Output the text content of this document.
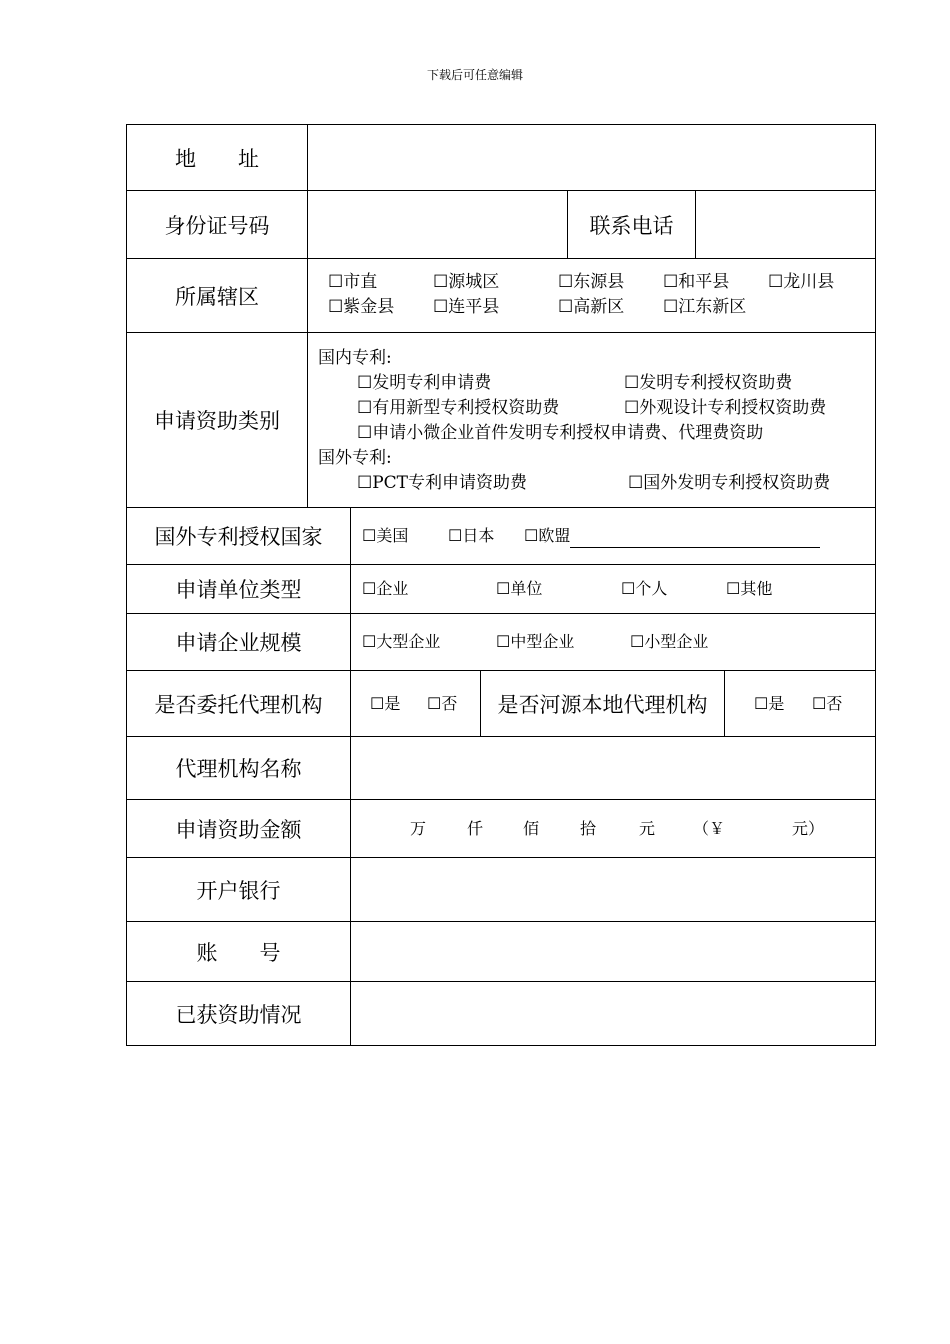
下载后可任意编辑
地　　址
身份证号码	联系电话
所属辖区
☐市直	☐源城区	☐东源县 ☐和平县 ☐龙川县
☐紫金县 ☐连平县	☐高新区 ☐江东新区
申请资助类别
国内专利:
☐发明专利申请费	☐发明专利授权资助费
☐有用新型专利授权资助费	☐外观设计专利授权资助费
☐申请小微企业首件发明专利授权申请费、代理费资助
国外专利:
☐PCT专利申请资助费	☐国外发明专利授权资助费
国外专利授权国家	☐美国 ☐日本 ☐欧盟
申请单位类型	☐企业	☐单位	☐个人	☐其他
申请企业规模	☐大型企业	☐中型企业	☐小型企业
是否委托代理机构	☐是 ☐否	是否河源本地代理机构	☐是 ☐否
代理机构名称
申请资助金额	万	仟 佰	拾	元 （￥	元）
开户银行
账　　号
已获资助情况
